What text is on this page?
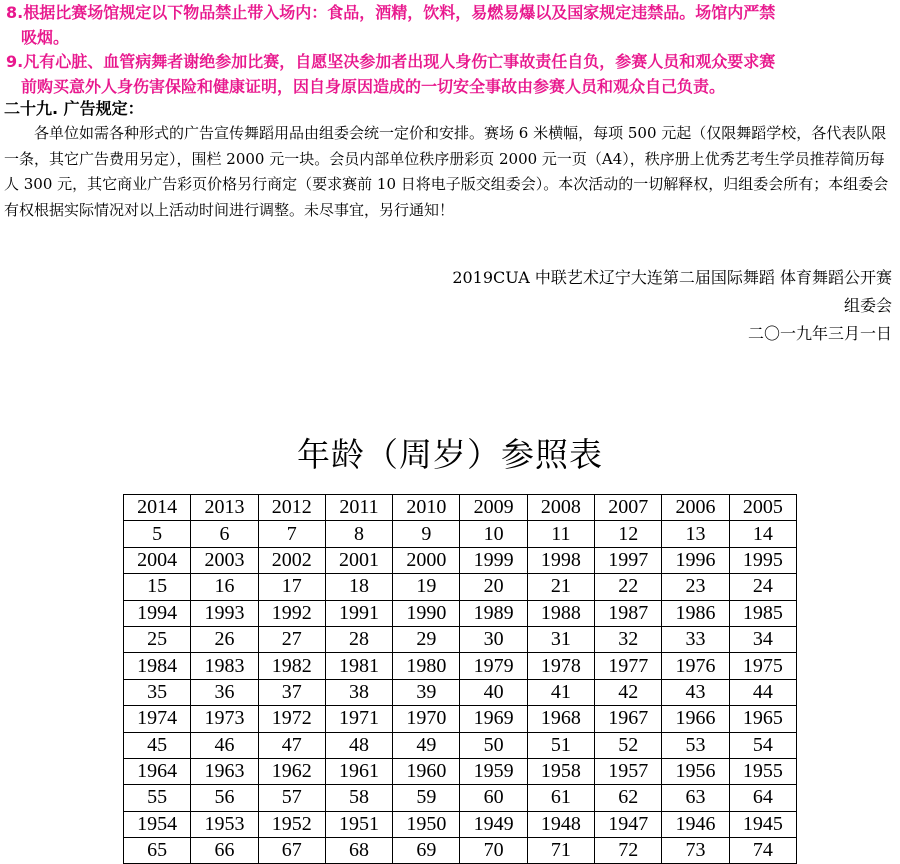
8.根据比赛场馆规定以下物品禁止带入场内：食品，酒精，饮料，易燃易爆以及国家规定违禁品。场馆内严禁
吸烟。
9.凡有心脏、血管病舞者谢绝参加比赛，自愿坚决参加者出现人身伤亡事故责任自负，参赛人员和观众要求赛
前购买意外人身伤害保险和健康证明，因自身原因造成的一切安全事故由参赛人员和观众自己负责。
二十九. 广告规定：

各单位如需各种形式的广告宣传舞蹈用品由组委会统一定价和安排。赛场 6 米横幅，每项 500 元起（仅限舞蹈学校，各代表队限一条，其它广告费用另定），围栏 2000 元一块。会员内部单位秩序册彩页 2000 元一页（A4），秩序册上优秀艺考生学员推荐简历每人 300 元，其它商业广告彩页价格另行商定（要求赛前 10 日将电子版交组委会）。本次活动的一切解释权，归组委会所有；本组委会有权根据实际情况对以上活动时间进行调整。未尽事宜，另行通知！

2019CUA 中联艺术辽宁大连第二届国际舞蹈 体育舞蹈公开赛
组委会
二〇一九年三月一日
年龄（周岁）参照表
2014	2013	2012	2011	2010	2009	2008	2007	2006	2005
5	6	7	8	9	10	11	12	13	14
2004	2003	2002	2001	2000	1999	1998	1997	1996	1995
15	16	17	18	19	20	21	22	23	24
1994	1993	1992	1991	1990	1989	1988	1987	1986	1985
25	26	27	28	29	30	31	32	33	34
1984	1983	1982	1981	1980	1979	1978	1977	1976	1975
35	36	37	38	39	40	41	42	43	44
1974	1973	1972	1971	1970	1969	1968	1967	1966	1965
45	46	47	48	49	50	51	52	53	54
1964	1963	1962	1961	1960	1959	1958	1957	1956	1955
55	56	57	58	59	60	61	62	63	64
1954	1953	1952	1951	1950	1949	1948	1947	1946	1945
65	66	67	68	69	70	71	72	73	74
